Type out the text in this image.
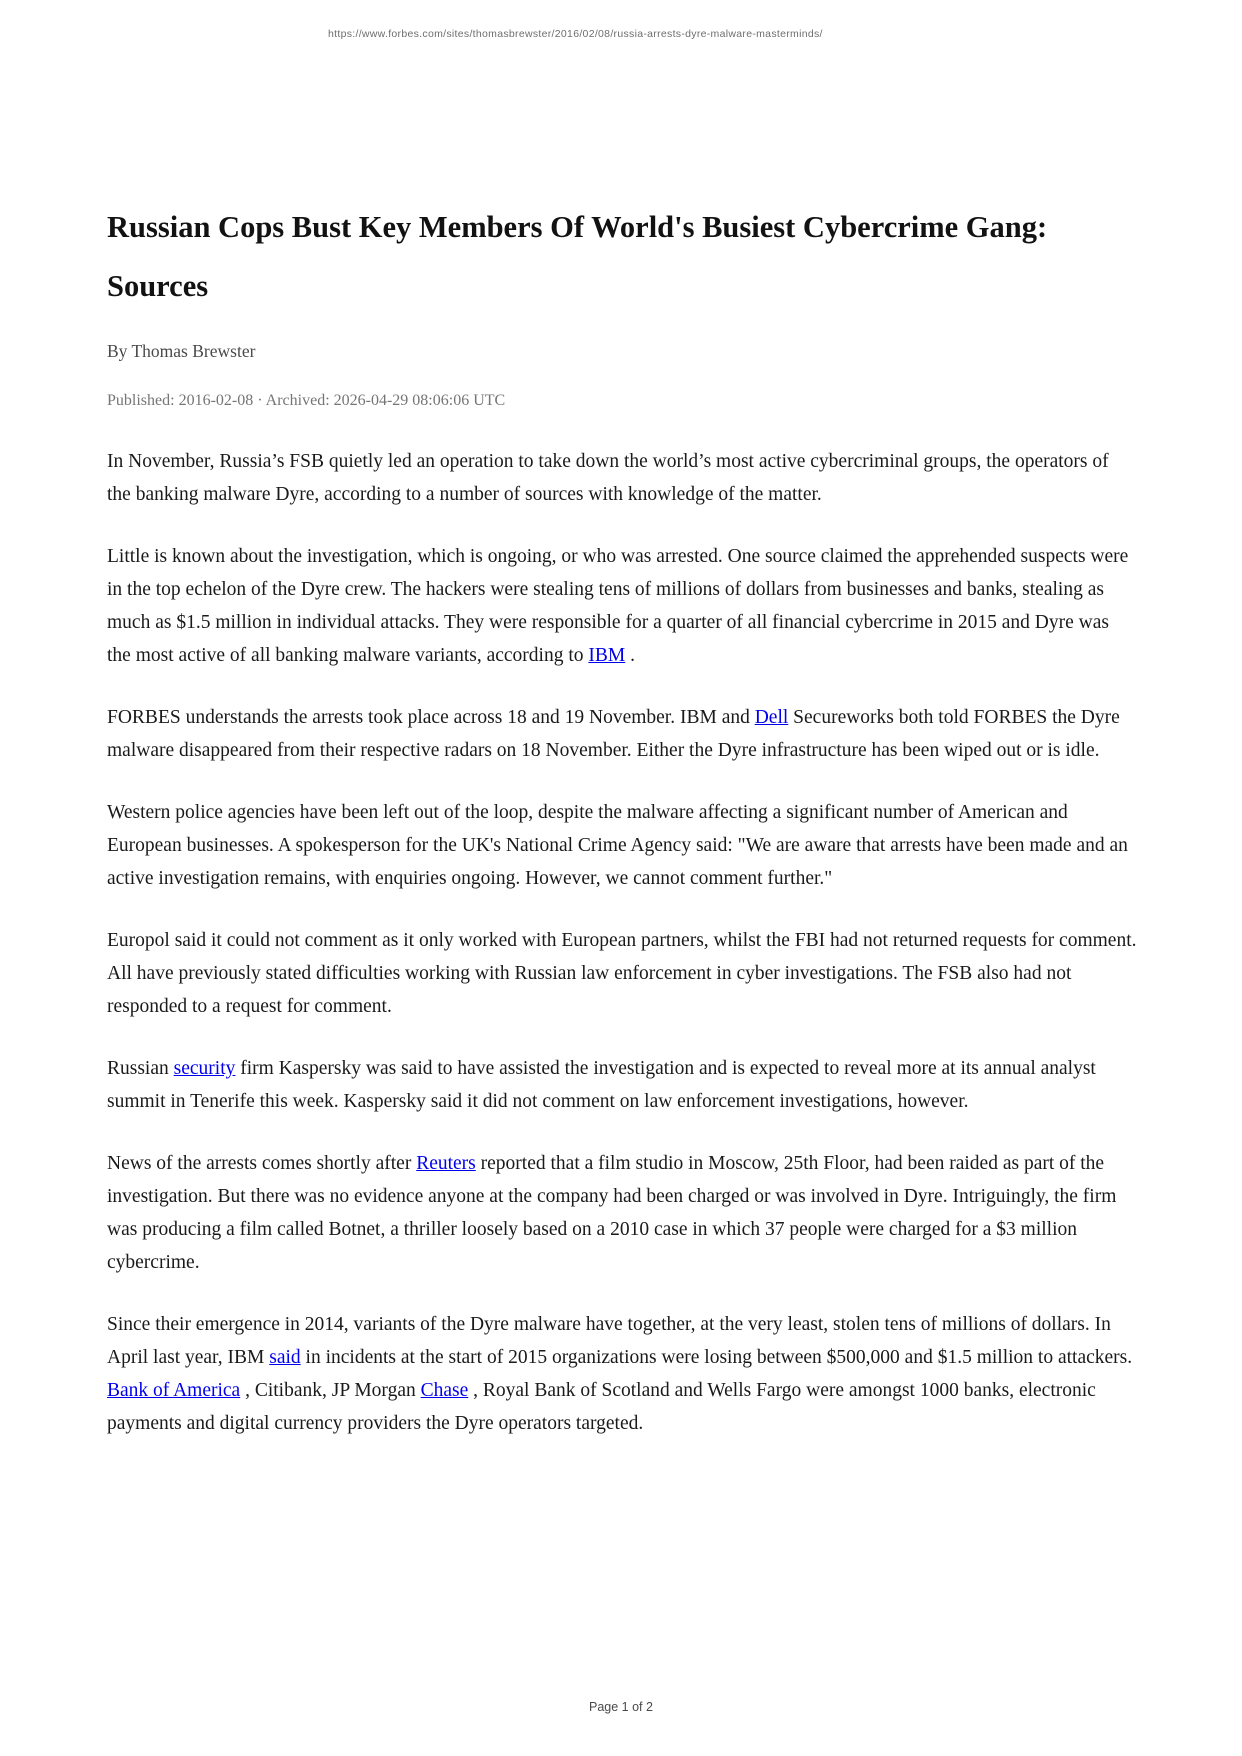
https://www.forbes.com/sites/thomasbrewster/2016/02/08/russia-arrests-dyre-malware-masterminds/
Russian Cops Bust Key Members Of World's Busiest Cybercrime Gang: Sources
By Thomas Brewster
Published: 2016-02-08 · Archived: 2026-04-29 08:06:06 UTC

In November, Russia’s FSB quietly led an operation to take down the world’s most active cybercriminal groups, the operators of the banking malware Dyre, according to a number of sources with knowledge of the matter.

Little is known about the investigation, which is ongoing, or who was arrested. One source claimed the apprehended suspects were in the top echelon of the Dyre crew. The hackers were stealing tens of millions of dollars from businesses and banks, stealing as much as $1.5 million in individual attacks. They were responsible for a quarter of all financial cybercrime in 2015 and Dyre was the most active of all banking malware variants, according to IBM .

FORBES understands the arrests took place across 18 and 19 November. IBM and Dell Secureworks both told FORBES the Dyre malware disappeared from their respective radars on 18 November. Either the Dyre infrastructure has been wiped out or is idle.

Western police agencies have been left out of the loop, despite the malware affecting a significant number of American and European businesses. A spokesperson for the UK's National Crime Agency said: "We are aware that arrests have been made and an active investigation remains, with enquiries ongoing. However, we cannot comment further."

Europol said it could not comment as it only worked with European partners, whilst the FBI had not returned requests for comment. All have previously stated difficulties working with Russian law enforcement in cyber investigations. The FSB also had not responded to a request for comment.

Russian security firm Kaspersky was said to have assisted the investigation and is expected to reveal more at its annual analyst summit in Tenerife this week. Kaspersky said it did not comment on law enforcement investigations, however.

News of the arrests comes shortly after Reuters reported that a film studio in Moscow, 25th Floor, had been raided as part of the investigation. But there was no evidence anyone at the company had been charged or was involved in Dyre. Intriguingly, the firm was producing a film called Botnet, a thriller loosely based on a 2010 case in which 37 people were charged for a $3 million cybercrime.

Since their emergence in 2014, variants of the Dyre malware have together, at the very least, stolen tens of millions of dollars. In April last year, IBM said in incidents at the start of 2015 organizations were losing between $500,000 and $1.5 million to attackers. Bank of America , Citibank, JP Morgan Chase , Royal Bank of Scotland and Wells Fargo were amongst 1000 banks, electronic payments and digital currency providers the Dyre operators targeted.

Page 1 of 2
